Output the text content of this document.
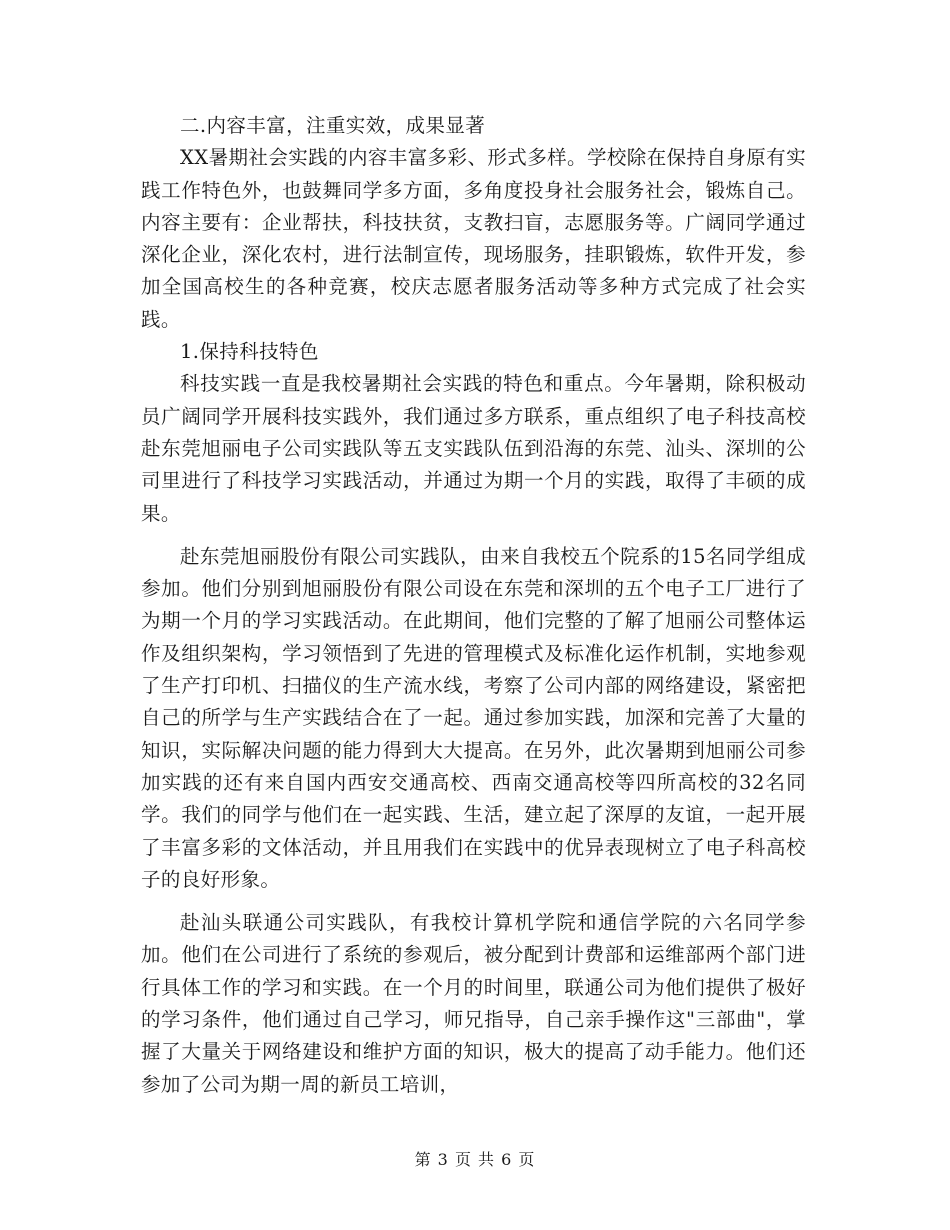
二.内容丰富，注重实效，成果显著

XX暑期社会实践的内容丰富多彩、形式多样。学校除在保持自身原有实践工作特色外，也鼓舞同学多方面，多角度投身社会服务社会，锻炼自己。内容主要有：企业帮扶，科技扶贫，支教扫盲，志愿服务等。广阔同学通过深化企业，深化农村，进行法制宣传，现场服务，挂职锻炼，软件开发，参加全国高校生的各种竞赛，校庆志愿者服务活动等多种方式完成了社会实践。

1.保持科技特色

科技实践一直是我校暑期社会实践的特色和重点。今年暑期，除积极动员广阔同学开展科技实践外，我们通过多方联系，重点组织了电子科技高校赴东莞旭丽电子公司实践队等五支实践队伍到沿海的东莞、汕头、深圳的公司里进行了科技学习实践活动，并通过为期一个月的实践，取得了丰硕的成果。

赴东莞旭丽股份有限公司实践队，由来自我校五个院系的15名同学组成参加。他们分别到旭丽股份有限公司设在东莞和深圳的五个电子工厂进行了为期一个月的学习实践活动。在此期间，他们完整的了解了旭丽公司整体运作及组织架构，学习领悟到了先进的管理模式及标准化运作机制，实地参观了生产打印机、扫描仪的生产流水线，考察了公司内部的网络建设，紧密把自己的所学与生产实践结合在了一起。通过参加实践，加深和完善了大量的知识，实际解决问题的能力得到大大提高。在另外，此次暑期到旭丽公司参加实践的还有来自国内西安交通高校、西南交通高校等四所高校的32名同学。我们的同学与他们在一起实践、生活，建立起了深厚的友谊，一起开展了丰富多彩的文体活动，并且用我们在实践中的优异表现树立了电子科高校子的良好形象。

赴汕头联通公司实践队，有我校计算机学院和通信学院的六名同学参加。他们在公司进行了系统的参观后，被分配到计费部和运维部两个部门进行具体工作的学习和实践。在一个月的时间里，联通公司为他们提供了极好的学习条件，他们通过自己学习，师兄指导，自己亲手操作这"三部曲"，掌握了大量关于网络建设和维护方面的知识，极大的提高了动手能力。他们还参加了公司为期一周的新员工培训，

第 3 页 共 6 页
